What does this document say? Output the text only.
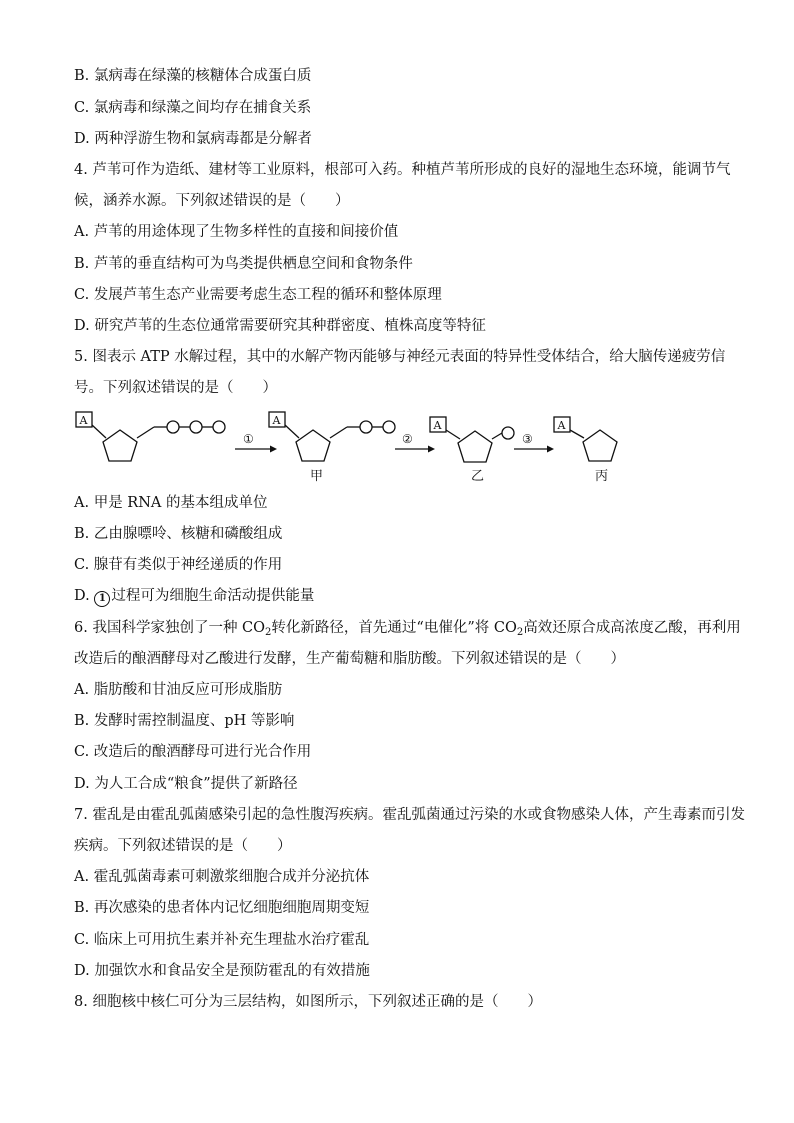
B. 氯病毒在绿藻的核糖体合成蛋白质
C. 氯病毒和绿藻之间均存在捕食关系
D. 两种浮游生物和氯病毒都是分解者
4. 芦苇可作为造纸、建材等工业原料，根部可入药。种植芦苇所形成的良好的湿地生态环境，能调节气
候，涵养水源。下列叙述错误的是（　　）
A. 芦苇的用途体现了生物多样性的直接和间接价值
B. 芦苇的垂直结构可为鸟类提供栖息空间和食物条件
C. 发展芦苇生态产业需要考虑生态工程的循环和整体原理
D. 研究芦苇的生态位通常需要研究其种群密度、植株高度等特征
5. 图表示 ATP 水解过程，其中的水解产物丙能够与神经元表面的特异性受体结合，给大脑传递疲劳信
号。下列叙述错误的是（　　）
A	A	A	A
①	②	③
甲	乙	丙
A. 甲是 RNA 的基本组成单位
B. 乙由腺嘌呤、核糖和磷酸组成
C. 腺苷有类似于神经递质的作用
D. 1 过程可为细胞生命活动提供能量
6. 我国科学家独创了一种 $CO_2$转化新路径，首先通过“电催化”将 $CO_2$高效还原合成高浓度乙酸，再利用
改造后的酿酒酵母对乙酸进行发酵，生产葡萄糖和脂肪酸。下列叙述错误的是（　　）
A. 脂肪酸和甘油反应可形成脂肪
B. 发酵时需控制温度、pH 等影响
C. 改造后的酿酒酵母可进行光合作用
D. 为人工合成“粮食”提供了新路径
7. 霍乱是由霍乱弧菌感染引起的急性腹泻疾病。霍乱弧菌通过污染的水或食物感染人体，产生毒素而引发
疾病。下列叙述错误的是（　　）
A. 霍乱弧菌毒素可刺激浆细胞合成并分泌抗体
B. 再次感染的患者体内记忆细胞细胞周期变短
C. 临床上可用抗生素并补充生理盐水治疗霍乱
D. 加强饮水和食品安全是预防霍乱的有效措施
8. 细胞核中核仁可分为三层结构，如图所示，下列叙述正确的是（　　）
